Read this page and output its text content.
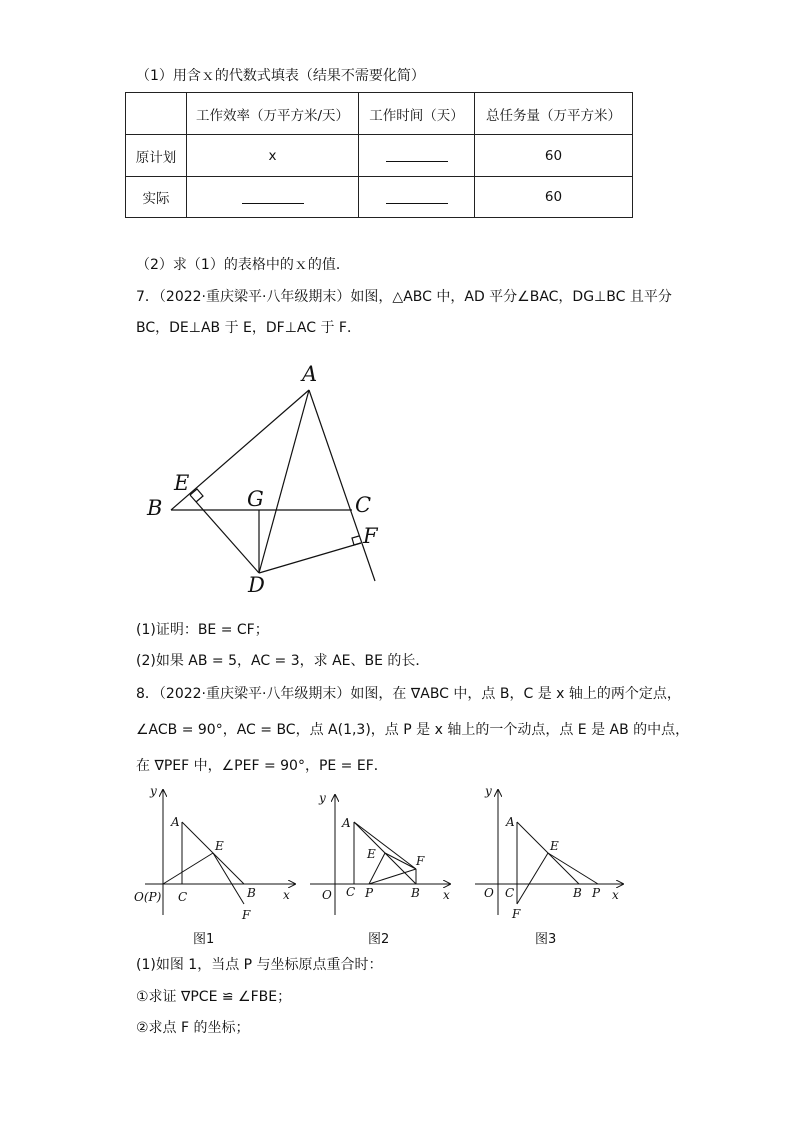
（1）用含ｘ的代数式填表（结果不需要化简）
	工作效率（万平方米/天）	工作时间（天）	总任务量（万平方米）
原计划	x		60
实际			60
（2）求（1）的表格中的ｘ的值．
7．（2022·重庆梁平·八年级期末）如图，△ABC 中，AD 平分∠BAC，DG⊥BC 且平分
BC，DE⊥AB 于 E，DF⊥AC 于 F．
A
B	C
D
E
F
G
(1)证明：BE = CF；
(2)如果 AB = 5，AC = 3，求 AE、BE 的长．
8．（2022·重庆梁平·八年级期末）如图，在 ∇ABC 中，点 B，C 是 x 轴上的两个定点，
∠ACB = 90°，AC = BC，点 A(1,3)，点 P 是 x 轴上的一个动点，点 E 是 AB 的中点，
在 ∇PEF 中，∠PEF = 90°，PE = EF．
y
A
E
O(P) C	B
F
x
y
A
E	F
O C P	B x
y
A
E
O C	B P
F
x
图1	图2	图3
(1)如图 1，当点 P 与坐标原点重合时：
①求证 ∇PCE ≌ ∠FBE；
②求点 F 的坐标；
